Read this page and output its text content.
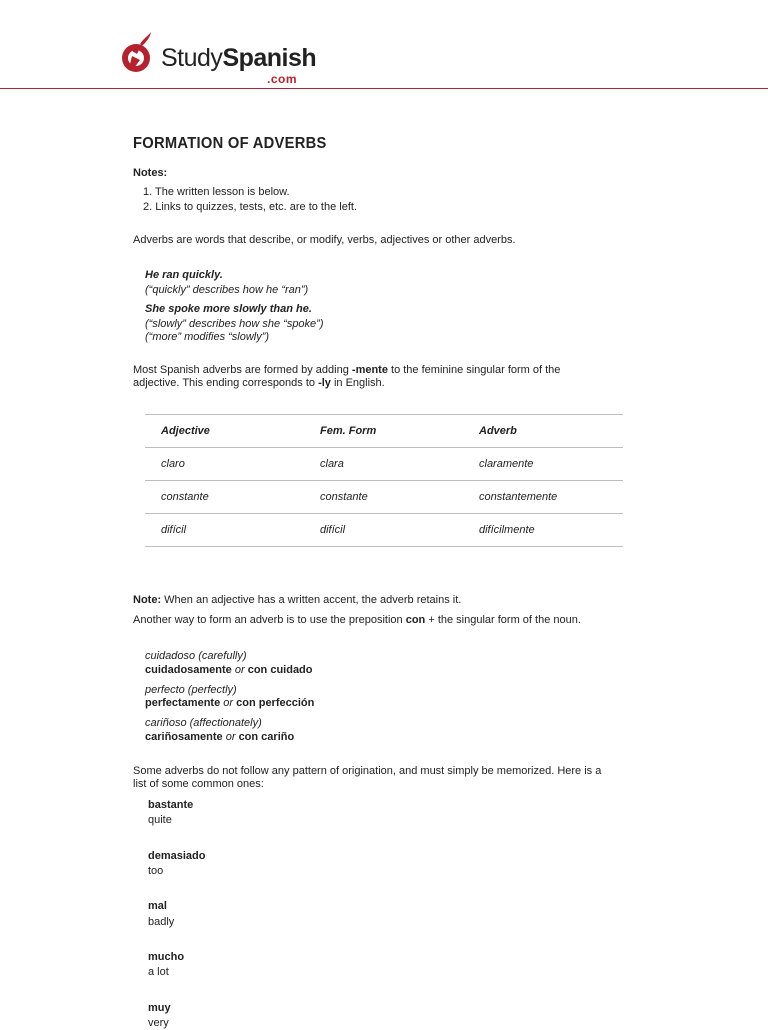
StudySpanish
.com
FORMATION OF ADVERBS
Notes:
1. The written lesson is below.
2. Links to quizzes, tests, etc. are to the left.
Adverbs are words that describe, or modify, verbs, adjectives or other adverbs.
He ran quickly.
(“quickly” describes how he “ran”)
She spoke more slowly than he.
(“slowly” describes how she “spoke”)
(“more” modifies “slowly”)
Most Spanish adverbs are formed by adding -mente to the feminine singular form of the
adjective. This ending corresponds to -ly in English.
Adjective	Fem. Form	Adverb
claro	clara	claramente
constante	constante	constantemente
difícil	difícil	difícilmente
Note: When an adjective has a written accent, the adverb retains it.
Another way to form an adverb is to use the preposition con + the singular form of the noun.
cuidadoso (carefully)
cuidadosamente or con cuidado
perfecto (perfectly)
perfectamente or con perfección
cariñoso (affectionately)
cariñosamente or con cariño
Some adverbs do not follow any pattern of origination, and must simply be memorized. Here is a
list of some common ones:
bastante
quite
demasiado
too
mal
badly
mucho
a lot
muy
very
